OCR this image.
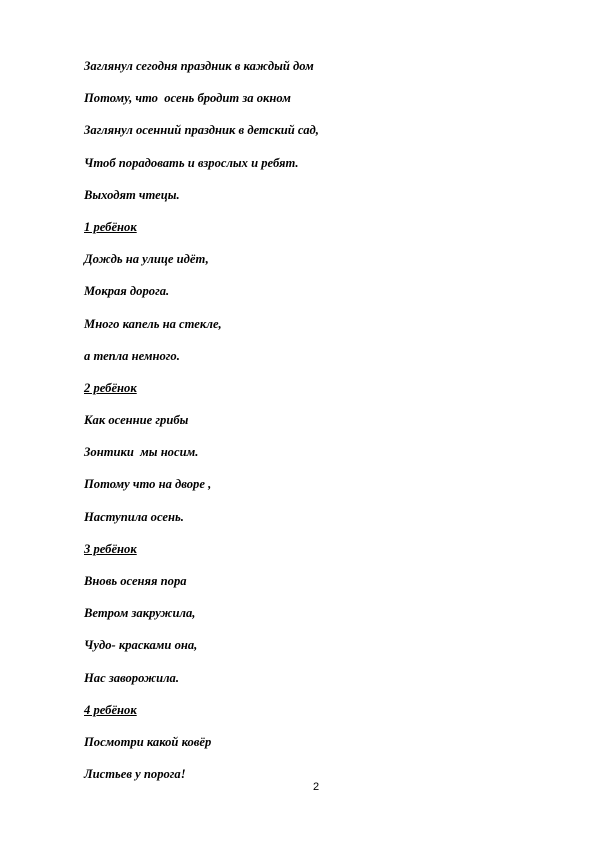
Заглянул сегодня праздник в каждый дом
Потому, что  осень бродит за окном
Заглянул осенний праздник в детский сад,
Чтоб порадовать и взрослых и ребят.
Выходят чтецы.
1 ребёнок
Дождь на улице идёт,
Мокрая дорога.
Много капель на стекле,
а тепла немного.
2 ребёнок
Как осенние грибы
Зонтики  мы носим.
Потому что на дворе ,
Наступила осень.
3 ребёнок
Вновь осеняя пора
Ветром закружила,
Чудо- красками она,
Нас заворожила.
4 ребёнок
Посмотри какой ковёр
Листьев у порога!
2
